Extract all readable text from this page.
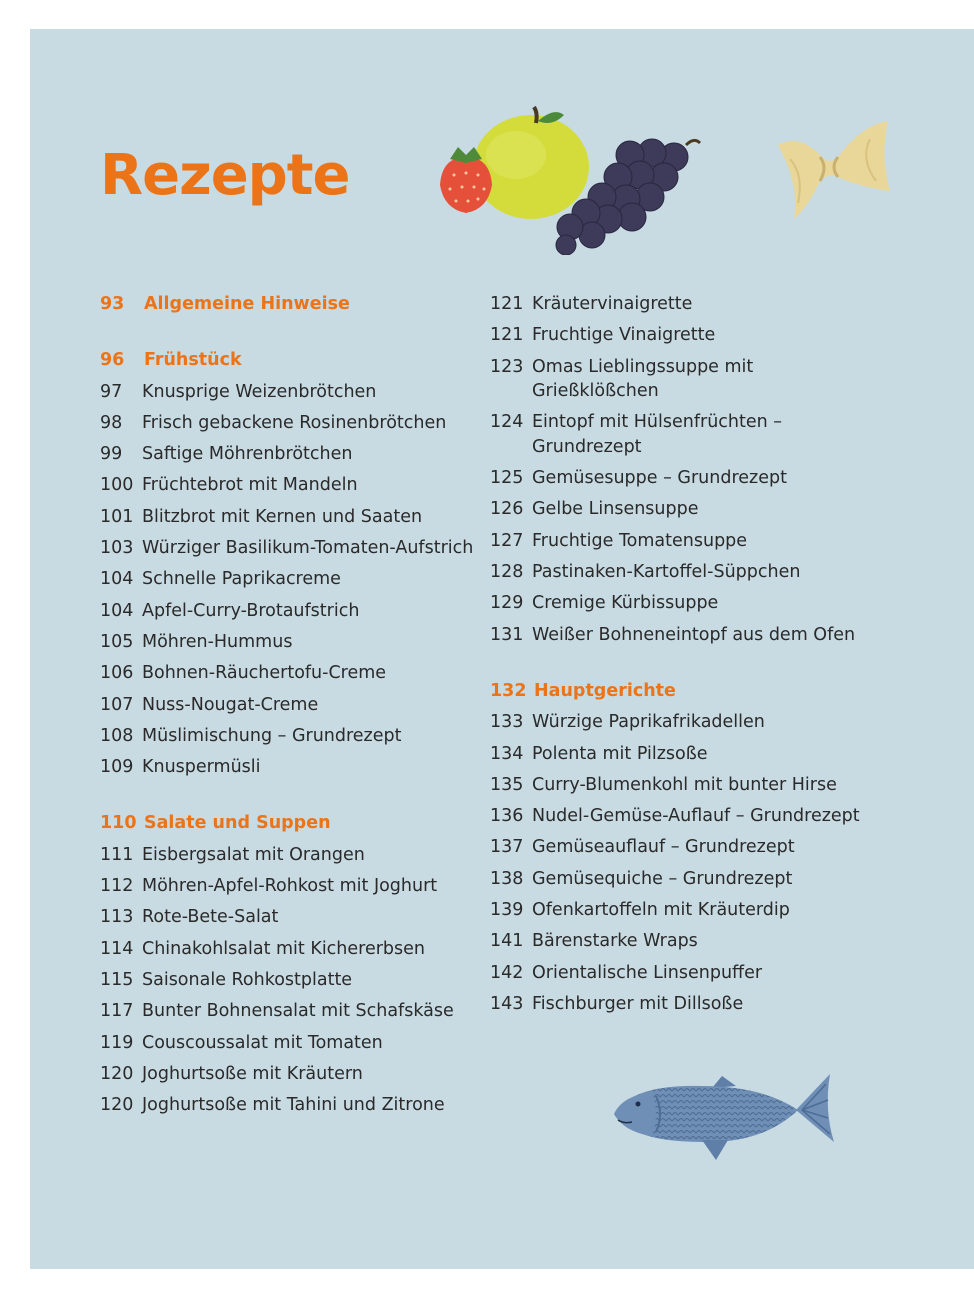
Rezepte
93	Allgemeine Hinweise
96	Frühstück
97	Knusprige Weizenbrötchen
98	Frisch gebackene Rosinenbrötchen
99	Saftige Möhrenbrötchen
100 Früchtebrot mit Mandeln
101 Blitzbrot mit Kernen und Saaten
103 Würziger Basilikum-Tomaten-Aufstrich
104 Schnelle Paprikacreme
104 Apfel-Curry-Brotaufstrich
105 Möhren-Hummus
106 Bohnen-Räuchertofu-Creme
107 Nuss-Nougat-Creme
108 Müslimischung – Grundrezept
109 Knuspermüsli
110 Salate und Suppen
111 Eisbergsalat mit Orangen
112 Möhren-Apfel-Rohkost mit Joghurt
113 Rote-Bete-Salat
114 Chinakohlsalat mit Kichererbsen
115 Saisonale Rohkostplatte
117 Bunter Bohnensalat mit Schafskäse
119 Couscoussalat mit Tomaten
120 Joghurtsoße mit Kräutern
120 Joghurtsoße mit Tahini und Zitrone
121 Kräutervinaigrette
121 Fruchtige Vinaigrette
123 Omas Lieblingssuppe mit Grießklößchen
124 Eintopf mit Hülsenfrüchten – Grundrezept
125 Gemüsesuppe – Grundrezept
126 Gelbe Linsensuppe
127 Fruchtige Tomatensuppe
128 Pastinaken-Kartoffel-Süppchen
129 Cremige Kürbissuppe
131 Weißer Bohneneintopf aus dem Ofen
132 Hauptgerichte
133 Würzige Paprikafrikadellen
134 Polenta mit Pilzsoße
135 Curry-Blumenkohl mit bunter Hirse
136 Nudel-Gemüse-Auflauf – Grundrezept
137 Gemüseauflauf – Grundrezept
138 Gemüsequiche – Grundrezept
139 Ofenkartoffeln mit Kräuterdip
141 Bärenstarke Wraps
142 Orientalische Linsenpuffer
143 Fischburger mit Dillsoße
